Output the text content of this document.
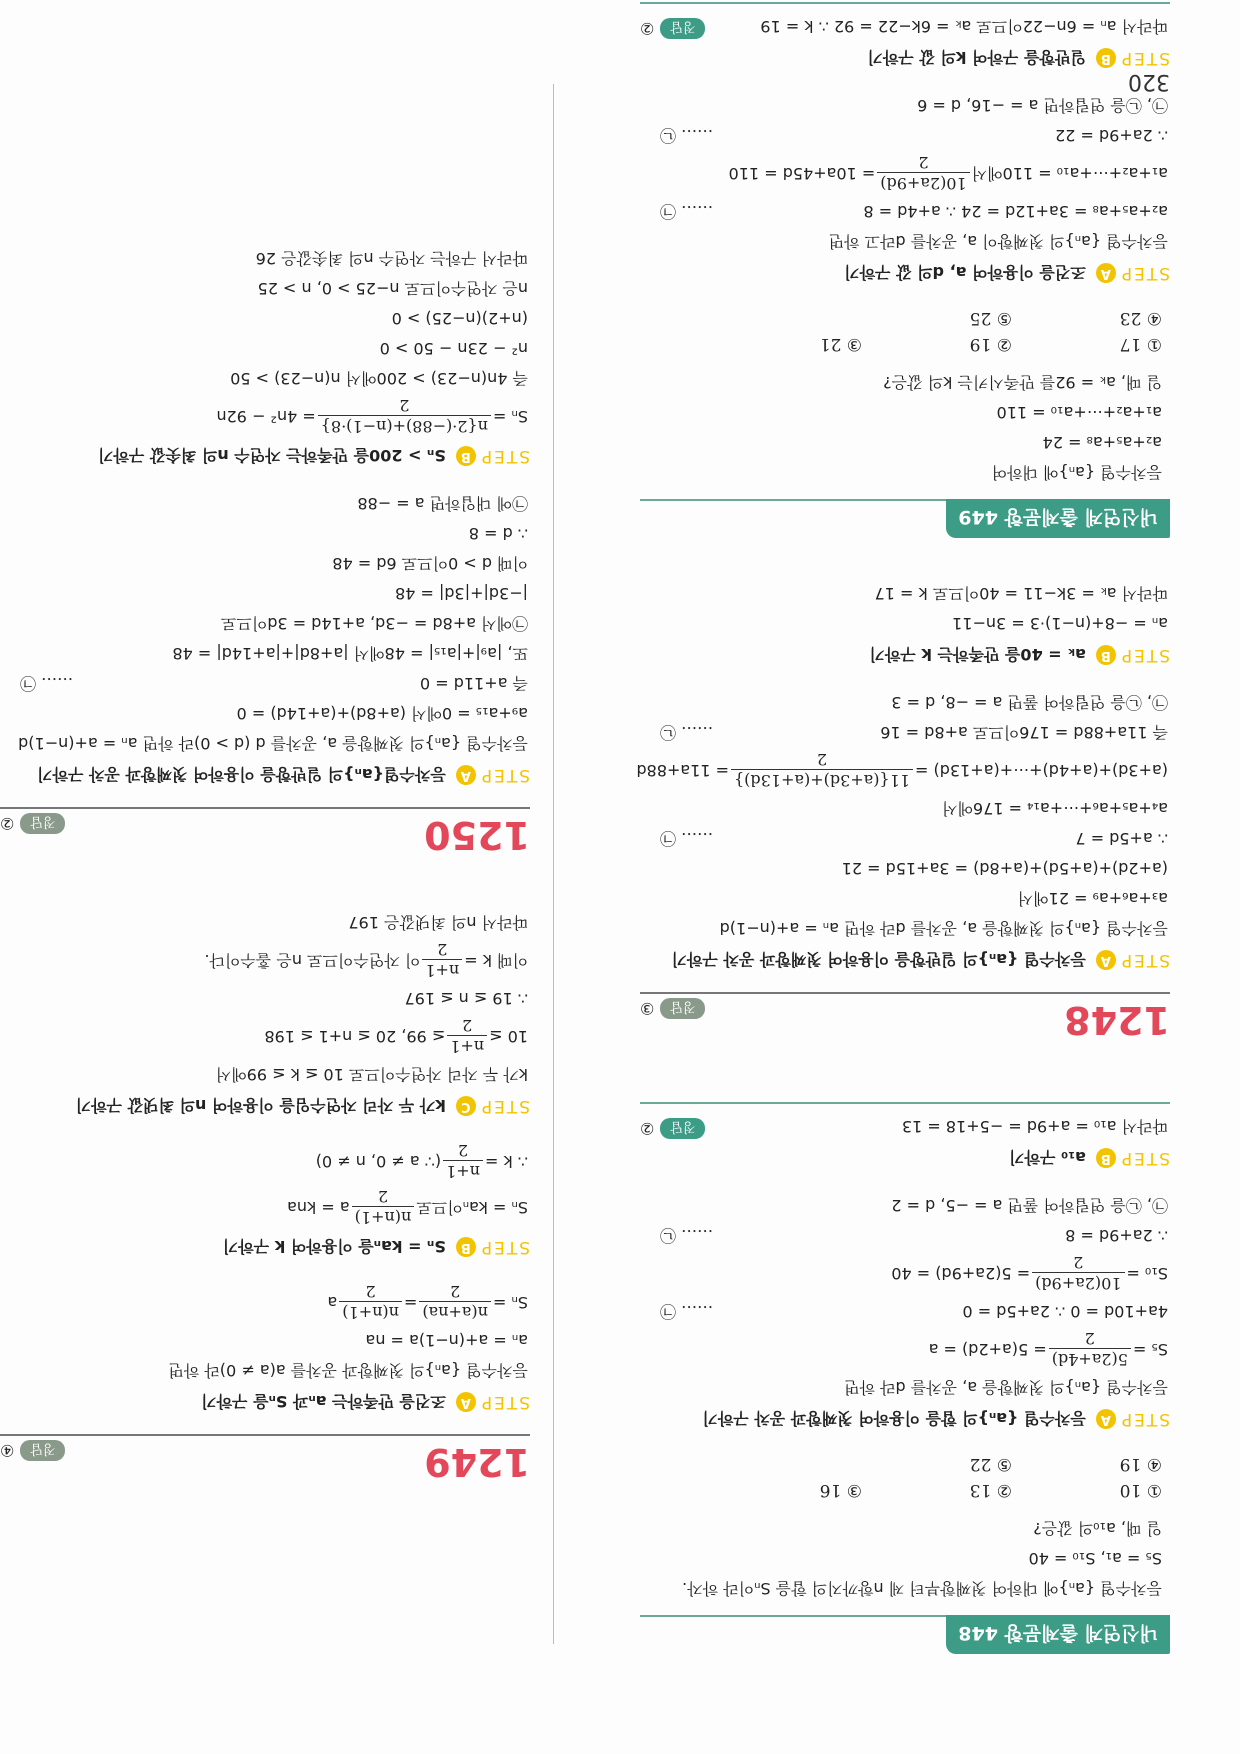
내신연계 출제문항 448
등차수열 {aₙ}에 대하여 첫째항부터 제 n항까지의 합을 Sₙ이라 하자.
S₅ = a₁, S₁₀ = 40
일 때, a₁₀의 값은?
① 10
② 13
③ 16
④ 19
⑤ 22
STEP
A
등차수열 {aₙ}의 합을 이용하여 첫째항과 공차 구하기
등차수열 {aₙ}의 첫째항을 a, 공차를 d라 하면
S₅ =
5(2a+4d)
2
= 5(a+2d) = a
4a+10d = 0 ∴ 2a+5d = 0
…… ㉠
S₁₀ =
10(2a+9d)
2
= 5(2a+9d) = 40
∴ 2a+9d = 8
…… ㉡
㉠, ㉡을 연립하여 풀면 a = −5, d = 2
STEP
B
a₁₀ 구하기
따라서 a₁₀ = a+9d = −5+18 = 13
정답
②
1248
정답
③
STEP
A
등차수열 {aₙ}의 일반항을 이용하여 첫째항과 공차 구하기
등차수열 {aₙ}의 첫째항을 a, 공차를 d라 하면 aₙ = a+(n−1)d
a₃+a₆+a₉ = 21에서
(a+2d)+(a+5d)+(a+8d) = 3a+15d = 21
∴ a+5d = 7
…… ㉠
a₄+a₅+a₆+⋯+a₁₄ = 176에서
(a+3d)+(a+4d)+⋯+(a+13d) =
11{(a+3d)+(a+13d)}
2
= 11a+88d
즉 11a+88d = 176이므로 a+8d = 16
…… ㉡
㉠, ㉡을 연립하여 풀면 a = −8, d = 3
STEP
B
aₖ = 40을 만족하는 k 구하기
aₙ = −8+(n−1)·3 = 3n−11
따라서 aₖ = 3k−11 = 40이므로 k = 17
내신연계 출제문항 449
등차수열 {aₙ}에 대하여
a₂+a₅+a₈ = 24
a₁+a₂+⋯+a₁₀ = 110
일 때, aₖ = 92를 만족시키는 k의 값은?
① 17
② 19
③ 21
④ 23
⑤ 25
STEP
A
조건을 이용하여 a, d의 값 구하기
등차수열 {aₙ}의 첫째항이 a, 공차를 d라고 하면
a₂+a₅+a₈ = 3a+12d = 24 ∴ a+4d = 8
…… ㉠
a₁+a₂+⋯+a₁₀ = 110에서
10(2a+9d)
2
= 10a+45d = 110
∴ 2a+9d = 22
…… ㉡
㉠, ㉡을 연립하면 a = −16, d = 6
STEP
B
일반항을 구하여 k의 값 구하기
따라서 aₙ = 6n−22이므로 aₖ = 6k−22 = 92 ∴ k = 19
정답
②
1249
정답
④
STEP
A
조건을 만족하는 aₙ과 Sₙ을 구하기
등차수열 {aₙ}의 첫째항과 공차를 a(a ≠ 0)라 하면
aₙ = a+(n−1)a = na
Sₙ =
n(a+na)
2
=
n(n+1)
2
a
STEP
B
Sₙ = kaₙ을 이용하여 k 구하기
Sₙ = kaₙ이므로
n(n+1)
2
a = kna
∴ k =
n+1
2
(∵ a ≠ 0, n ≠ 0)
STEP
C
k가 두 자리 자연수임을 이용하여 n의 최댓값 구하기
k가 두 자리 자연수이므로 10 ≤ k ≤ 99에서
10 ≤
n+1
2
≤ 99, 20 ≤ n+1 ≤ 198
∴ 19 ≤ n ≤ 197
이때 k =
n+1
2
이 자연수이므로 n은 홀수이다.
따라서 n의 최댓값은 197
1250
정답
②
STEP
A
등차수열{aₙ}의 일반항을 이용하여 첫째항과 공차 구하기
등차수열 {aₙ}의 첫째항을 a, 공차를 d (d > 0)라 하면 aₙ = a+(n−1)d
a₉+a₁₅ = 0에서 (a+8d)+(a+14d) = 0
즉 a+11d = 0
…… ㉠
또, |a₉|+|a₁₅| = 48에서 |a+8d|+|a+14d| = 48
㉠에서 a+8d = −3d, a+14d = 3d이므로
|−3d|+|3d| = 48
이때 d > 0이므로 6d = 48
∴ d = 8
㉠에 대입하면 a = −88
STEP
B
Sₙ > 200을 만족하는 자연수 n의 최솟값 구하기
Sₙ =
n{2·(−88)+(n−1)·8}
2
= 4n² − 92n
즉 4n(n−23) > 200에서 n(n−23) > 50
n² − 23n − 50 > 0
(n+2)(n−25) > 0
n은 자연수이므로 n−25 > 0, n > 25
따라서 구하는 자연수 n의 최솟값은 26
320
